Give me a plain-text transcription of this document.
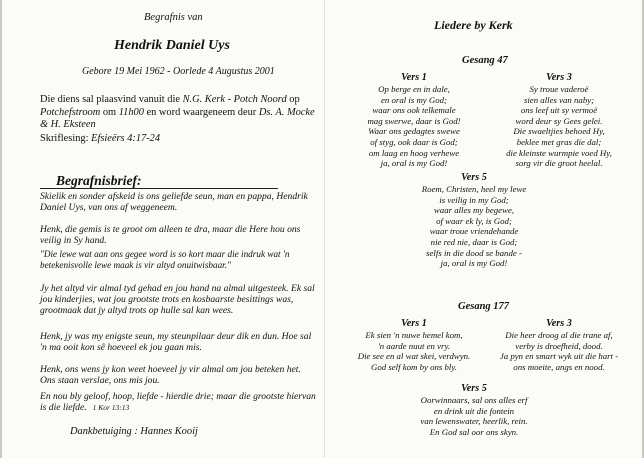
Begrafnis van
Hendrik Daniel Uys
Gebore 19 Mei 1962 - Oorlede 4 Augustus 2001
Die diens sal plaasvind vanuit die N.G. Kerk - Potch Noord op Potchefstroom om 11h00 en word waargeneem deur Ds. A. Mocke & H. Eksteen
Skriflesing: Efsieërs 4:17-24
Begrafnisbrief:
Skielik en sonder afskeid is ons geliefde seun, man en pappa, Hendrik Daniel Uys, van ons af weggeneem.
Henk, die gemis is te groot om alleen te dra, maar die Here hou ons veilig in Sy hand.
"Die lewe wat aan ons gegee word is so kort maar die indruk wat 'n betekenisvolle lewe maak is vir altyd onuitwisbaar."
Jy het altyd vir almal tyd gehad en jou hand na almal uitgesteek. Ek sal jou kinderjies, wat jou grootste trots en kosbaarste besittings was, grootmaak dat jy altyd trots op hulle sal kan wees.
Henk, jy was my enigste seun, my steunpilaar deur dik en dun. Hoe sal 'n ma ooit kon sê hoeveel ek jou gaan mis.
Henk, ons wens jy kon weet hoeveel jy vir almal om jou beteken het. Ons staan verslae, ons mis jou.
En nou bly geloof, hoop, liefde - hierdie drie; maar die grootste hiervan is die liefde. 1 Kor 13:13
Dankbetuiging : Hannes Kooij
Liedere by Kerk
Gesang 47
Vers 1
Op berge en in dale,
en oral is my God;
waar ons ook telkemale
mag swerwe, daar is God!
Waar ons gedagtes swewe
of styg, ook daar is God;
om laag en hoog verhewe
ja, oral is my God!
Vers 3
Sy troue vaderoë
sien alles van naby;
ons leef uit sy vermoë
word deur sy Gees gelei.
Die swaeltjies behoed Hy,
beklee met gras die dal;
die kleinste wurmpie voed Hy,
sorg vir die groot heelal.
Vers 5
Roem, Christen, heel my lewe
is veilig in my God;
waar alles my begewe,
of waar ek ly, is God;
waar troue vriendehande
nie red nie, daar is God;
selfs in die dood se bande -
ja, oral is my God!
Gesang 177
Vers 1
Ek sien 'n nuwe hemel kom,
'n aarde nuut en vry.
Die see en al wat skei, verdwyn.
God self kom by ons bly.
Vers 3
Die heer droog al die trane af,
verby is droefheid, dood.
Ja pyn en smart wyk uit die hart -
ons moeite, angs en nood.
Vers 5
Oorwinnaars, sal ons alles erf
en drink uit die fontein
van lewenswater, heerlik, rein.
En God sal oor ons skyn.
